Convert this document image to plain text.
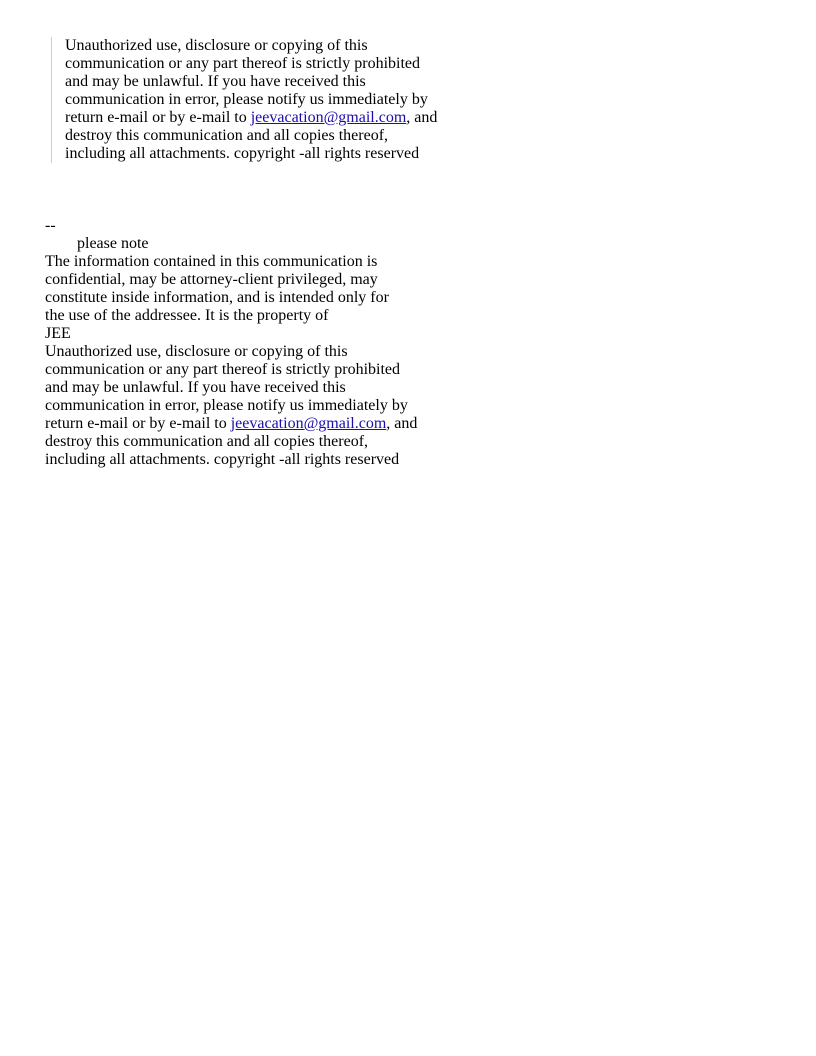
Unauthorized use, disclosure or copying of this
communication or any part thereof is strictly prohibited
and may be unlawful. If you have received this
communication in error, please notify us immediately by
return e-mail or by e-mail to jeevacation@gmail.com, and
destroy this communication and all copies thereof,
including all attachments. copyright -all rights reserved
--
please note
The information contained in this communication is
confidential, may be attorney-client privileged, may
constitute inside information, and is intended only for
the use of the addressee. It is the property of
JEE
Unauthorized use, disclosure or copying of this
communication or any part thereof is strictly prohibited
and may be unlawful. If you have received this
communication in error, please notify us immediately by
return e-mail or by e-mail to jeevacation@gmail.com, and
destroy this communication and all copies thereof,
including all attachments. copyright -all rights reserved
